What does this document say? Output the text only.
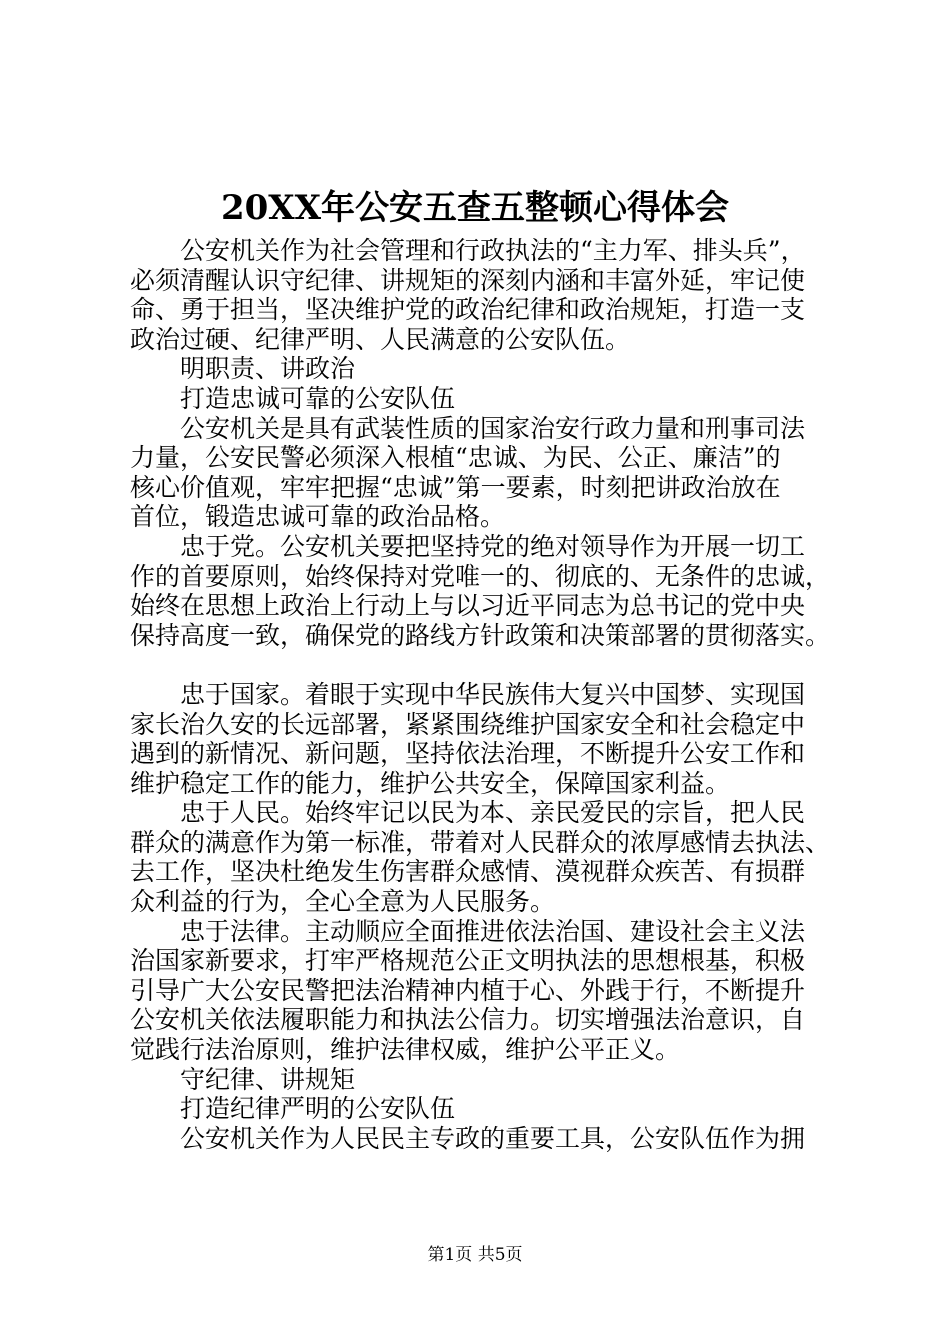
20XX年公安五查五整顿心得体会
公安机关作为社会管理和行政执法的“主力军、排头兵”，
必须清醒认识守纪律、讲规矩的深刻内涵和丰富外延，牢记使
命、勇于担当，坚决维护党的政治纪律和政治规矩，打造一支
政治过硬、纪律严明、人民满意的公安队伍。
明职责、讲政治
打造忠诚可靠的公安队伍
公安机关是具有武装性质的国家治安行政力量和刑事司法
力量，公安民警必须深入根植“忠诚、为民、公正、廉洁”的
核心价值观，牢牢把握“忠诚”第一要素，时刻把讲政治放在
首位，锻造忠诚可靠的政治品格。
忠于党。公安机关要把坚持党的绝对领导作为开展一切工
作的首要原则，始终保持对党唯一的、彻底的、无条件的忠诚，
始终在思想上政治上行动上与以习近平同志为总书记的党中央
保持高度一致，确保党的路线方针政策和决策部署的贯彻落实。
忠于国家。着眼于实现中华民族伟大复兴中国梦、实现国
家长治久安的长远部署，紧紧围绕维护国家安全和社会稳定中
遇到的新情况、新问题，坚持依法治理，不断提升公安工作和
维护稳定工作的能力，维护公共安全，保障国家利益。
忠于人民。始终牢记以民为本、亲民爱民的宗旨，把人民
群众的满意作为第一标准，带着对人民群众的浓厚感情去执法、
去工作，坚决杜绝发生伤害群众感情、漠视群众疾苦、有损群
众利益的行为，全心全意为人民服务。
忠于法律。主动顺应全面推进依法治国、建设社会主义法
治国家新要求，打牢严格规范公正文明执法的思想根基，积极
引导广大公安民警把法治精神内植于心、外践于行，不断提升
公安机关依法履职能力和执法公信力。切实增强法治意识，自
觉践行法治原则，维护法律权威，维护公平正义。
守纪律、讲规矩
打造纪律严明的公安队伍
公安机关作为人民民主专政的重要工具，公安队伍作为拥
第1页 共5页
